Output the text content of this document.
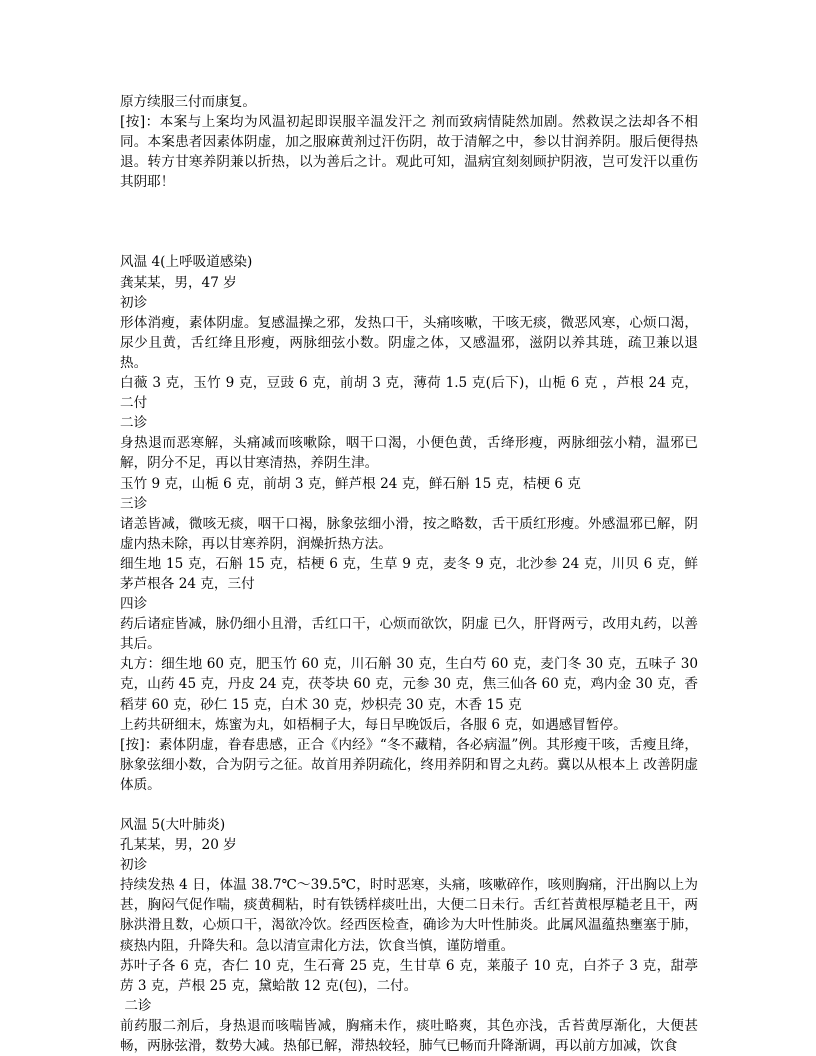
原方续服三付而康复。

[按]：本案与上案均为风温初起即误服辛温发汗之 剂而致病情陡然加剧。然救误之法却各不相同。本案患者因素体阴虚，加之服麻黄剂过汗伤阴，故于清解之中，参以甘润养阴。服后便得热退。转方甘寒养阴兼以折热，以为善后之计。观此可知，温病宜刻刻顾护阴液，岂可发汗以重伤其阴耶！

风温 4(上呼吸道感染)

龚某某，男，47 岁

初诊

形体消瘦，素体阴虚。复感温操之邪，发热口干，头痛咳嗽，干咳无痰，微恶风寒，心烦口渴，尿少且黄，舌红绛且形瘦，两脉细弦小数。阴虚之体，又感温邪，滋阴以养其琏，疏卫兼以退热。

白薇 3 克，玉竹 9 克，豆豉 6 克，前胡 3 克，薄荷 1.5 克(后下)，山栀 6 克 ，芦根 24 克，二付

二诊

身热退而恶寒解，头痛减而咳嗽除，咽干口渴，小便色黄，舌绛形瘦，两脉细弦小精，温邪已解，阴分不足，再以甘寒清热，养阴生津。

玉竹 9 克，山栀 6 克，前胡 3 克，鲜芦根 24 克，鲜石斛 15 克，桔梗 6 克

三诊

诸恙皆减，微咳无痰，咽干口褐，脉象弦细小滑，按之略数，舌干质红形瘦。外感温邪已解，阴虚内热未除，再以甘寒养阴，润燥折热方法。

细生地 15 克，石斛 15 克，桔梗 6 克，生草 9 克，麦冬 9 克，北沙参 24 克，川贝 6 克，鲜茅芦根各 24 克，三付

四诊

药后诸症皆减，脉仍细小且滑，舌红口干，心烦而欲饮，阴虚 已久，肝肾两亏，改用丸药，以善其后。

丸方：细生地 60 克，肥玉竹 60 克，川石斛 30 克，生白芍 60 克，麦门冬 30 克，五味子 30 克，山药 45 克，丹皮 24 克，茯苓块 60 克，元参 30 克，焦三仙各 60 克，鸡内金 30 克，香稻芽 60 克，砂仁 15 克，白术 30 克，炒枳壳 30 克，木香 15 克

上药共研细末，炼蜜为丸，如梧桐子大，每日早晚饭后，各服 6 克，如遇感冒暂停。

[按]：素体阴虚，眷春患感，正合《内经》“冬不藏精，各必病温”例。其形瘦干咳，舌瘦且绛，脉象弦细小数，合为阴亏之征。故首用养阴疏化，终用养阴和胃之丸药。冀以从根本上 改善阴虚体质。

风温 5(大叶肺炎)

孔某某，男，20 岁

初诊

持续发热 4 日，体温 38.7℃～39.5℃，时时恶寒，头痛，咳嗽碎作，咳则胸痛，汗出胸以上为甚，胸闷气促作喘，痰黄稠粘，时有铁锈样痰吐出，大便二日未行。舌红苔黄根厚糙老且干，两脉洪滑且数，心烦口干，渴欲冷饮。经西医检查，确诊为大叶性肺炎。此属风温蕴热壅塞于肺，痰热内阻，升降失和。急以清宣肃化方法，饮食当慎，谨防增重。

苏叶子各 6 克，杏仁 10 克，生石膏 25 克，生甘草 6 克，莱菔子 10 克，白芥子 3 克，甜葶苈 3 克，芦根 25 克，黛蛤散 12 克(包)，二付。

二诊

前药服二剂后，身热退而咳喘皆减，胸痛未作，痰吐略爽，其色亦浅，舌苔黄厚渐化，大便甚畅，两脉弦滑，数势大减。热郁已解，滞热较轻，肺气已畅而升降渐调，再以前方加减，饮食
